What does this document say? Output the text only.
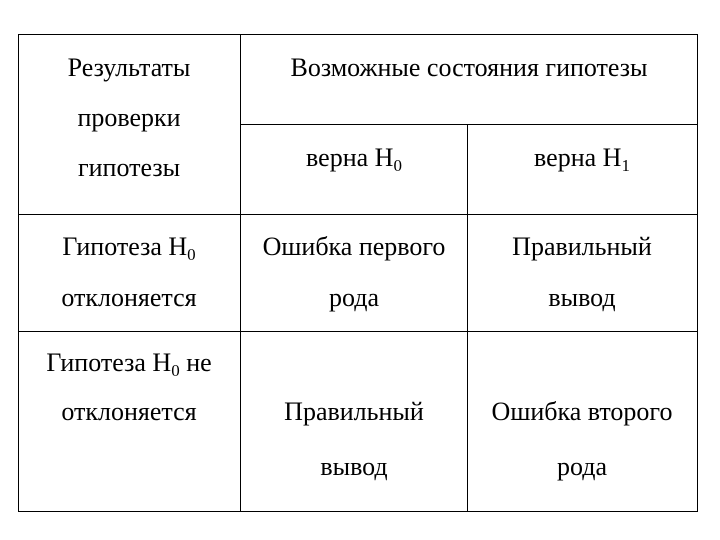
Результаты
проверки
гипотезы
Возможные состояния гипотезы
верна $Н_0$	верна $Н_1$
Гипотеза $Н_0$
отклоняется
Ошибка первого
рода
Правильный
вывод
Гипотеза $Н_0$ не
отклоняется	Правильный
вывод
Ошибка второго
рода
